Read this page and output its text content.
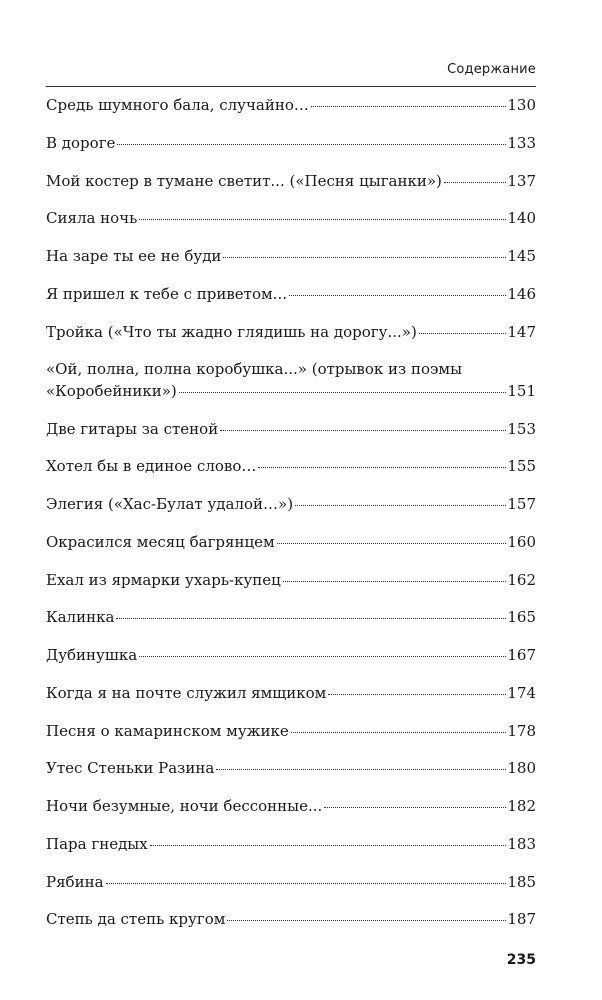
Содержание
Средь шумного бала, случайно…	130
В дороге	133
Мой костер в тумане светит... («Песня цыганки»)	137
Сияла ночь	140
На заре ты ее не буди	145
Я пришел к тебе с приветом...	146
Тройка («Что ты жадно глядишь на дорогу...»)	147
«Ой, полна, полна коробушка...» (отрывок из поэмы
«Коробейники»)	151
Две гитары за стеной	153
Хотел бы в единое слово…	155
Элегия («Хас-Булат удалой…»)	157
Окрасился месяц багрянцем	160
Ехал из ярмарки ухарь-купец	162
Калинка	165
Дубинушка	167
Когда я на почте служил ямщиком	174
Песня о камаринском мужике	178
Утес Стеньки Разина	180
Ночи безумные, ночи бессонные...	182
Пара гнедых	183
Рябина	185
Степь да степь кругом	187
235
